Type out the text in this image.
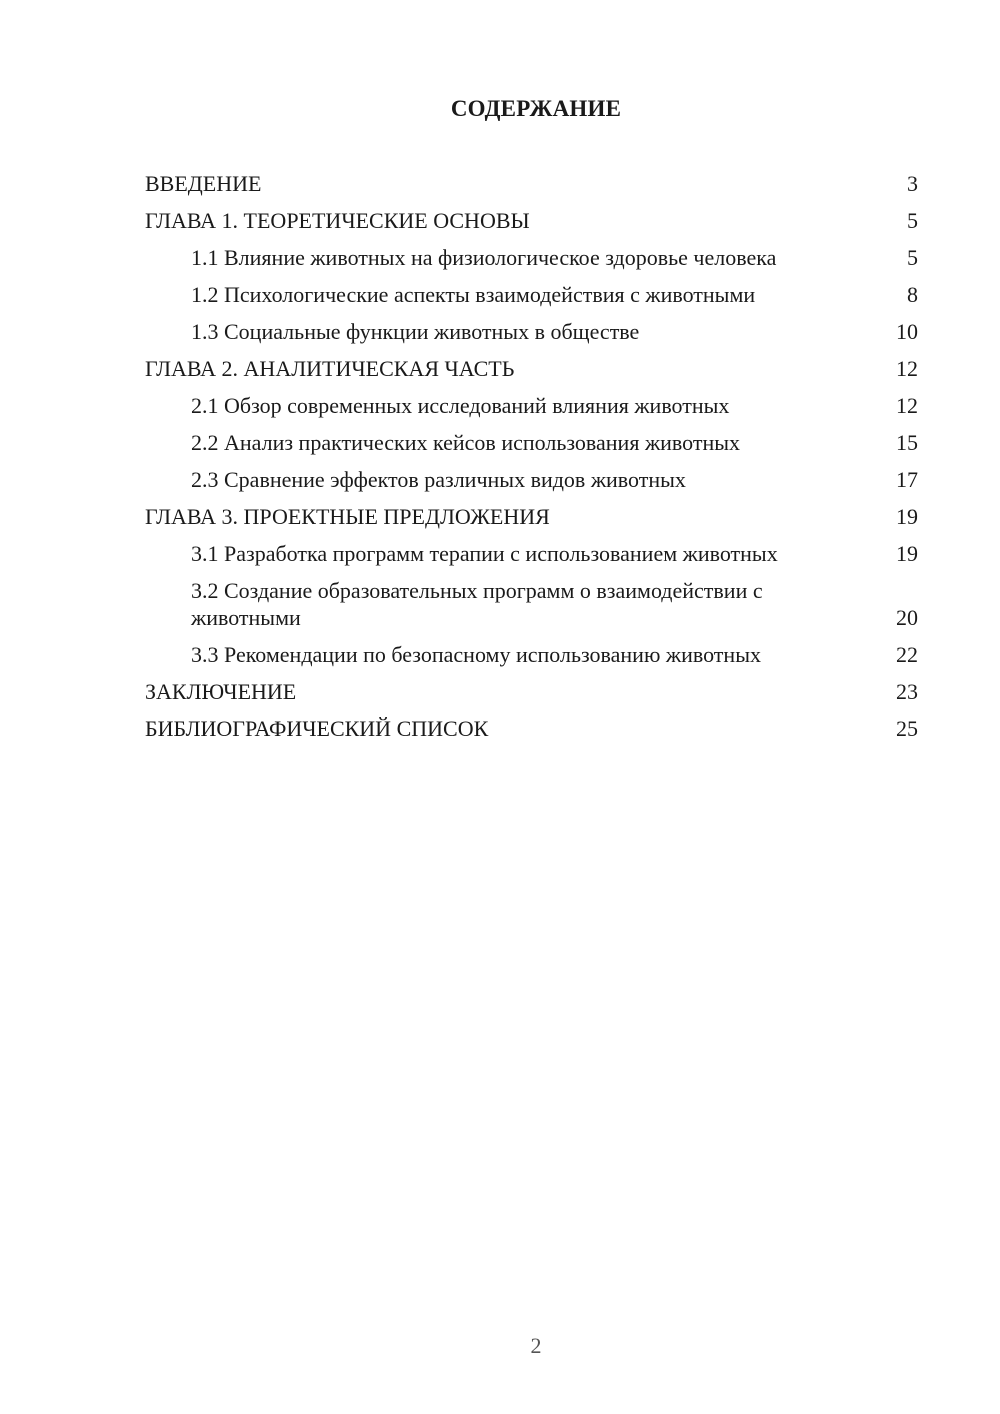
СОДЕРЖАНИЕ
ВВЕДЕНИЕ	3
ГЛАВА 1. ТЕОРЕТИЧЕСКИЕ ОСНОВЫ	5
1.1 Влияние животных на физиологическое здоровье человека	5
1.2 Психологические аспекты взаимодействия с животными	8
1.3 Социальные функции животных в обществе	10
ГЛАВА 2. АНАЛИТИЧЕСКАЯ ЧАСТЬ	12
2.1 Обзор современных исследований влияния животных	12
2.2 Анализ практических кейсов использования животных	15
2.3 Сравнение эффектов различных видов животных	17
ГЛАВА 3. ПРОЕКТНЫЕ ПРЕДЛОЖЕНИЯ	19
3.1 Разработка программ терапии с использованием животных	19
3.2 Создание образовательных программ о взаимодействии с животными	20
3.3 Рекомендации по безопасному использованию животных	22
ЗАКЛЮЧЕНИЕ	23
БИБЛИОГРАФИЧЕСКИЙ СПИСОК	25
2
